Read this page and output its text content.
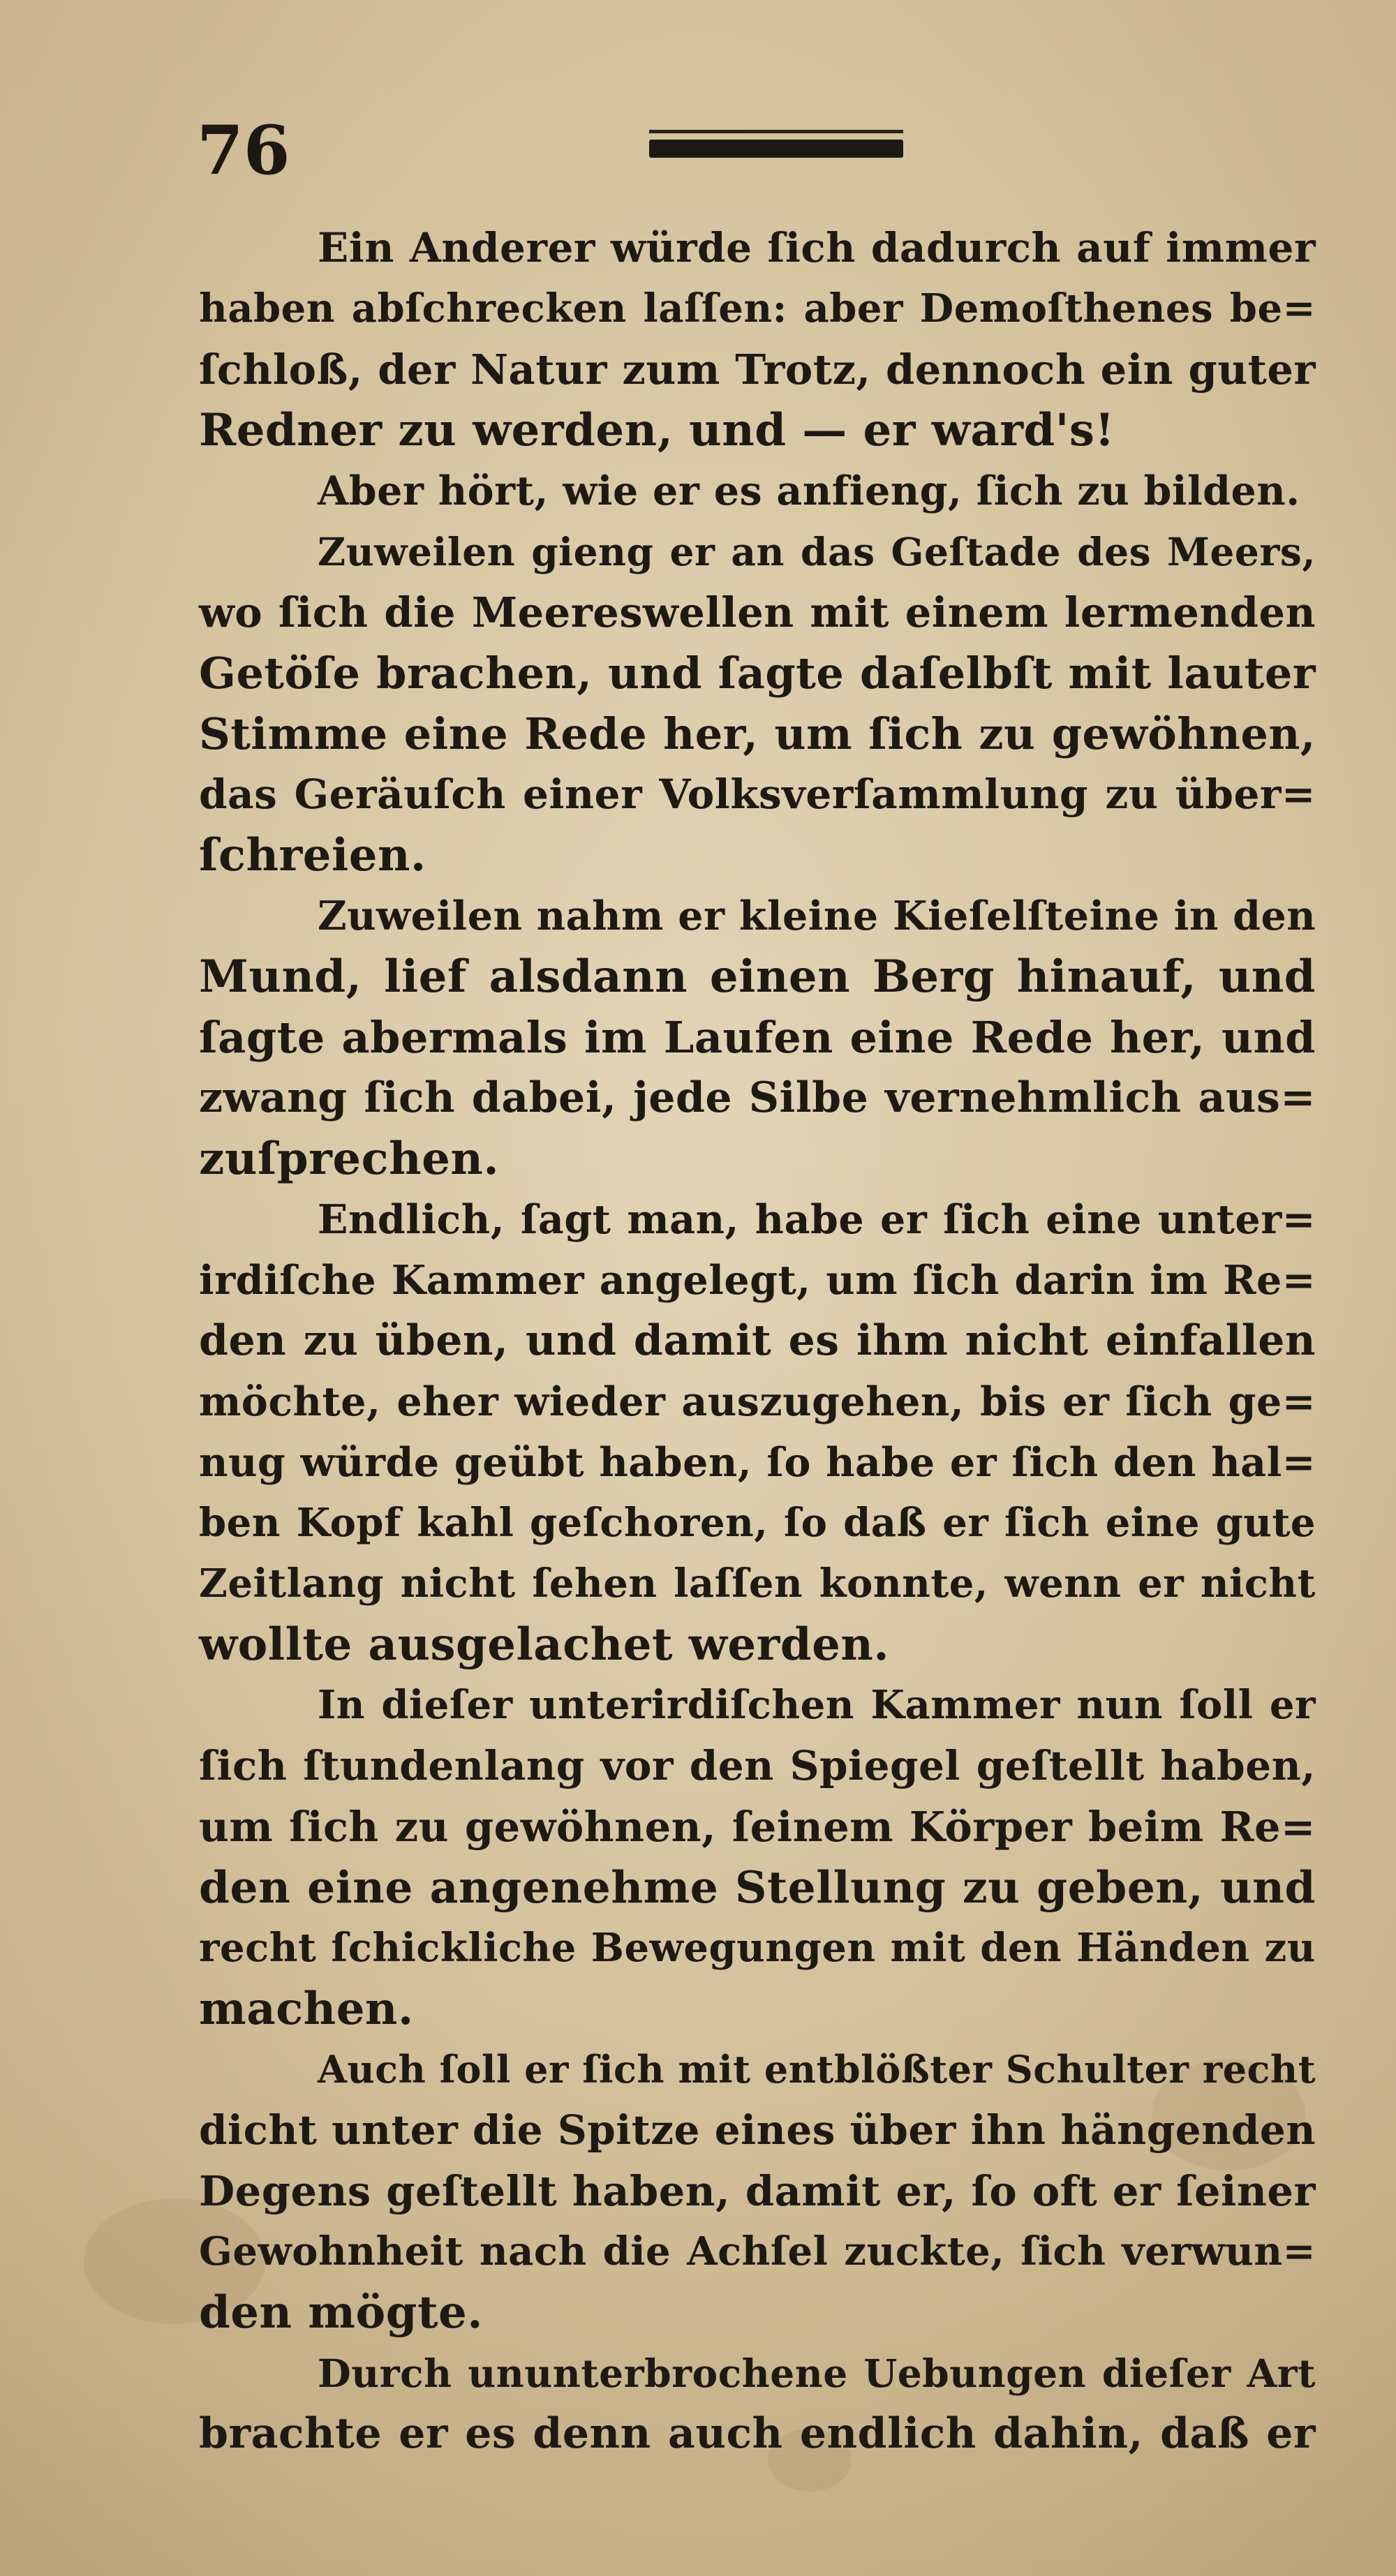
76
Ein Anderer würde ſich dadurch auf immer
haben abſchrecken laſſen: aber Demoſthenes be=
ſchloß, der Natur zum Trotz, dennoch ein guter
Redner zu werden, und — er ward's!
Aber hört, wie er es anfieng, ſich zu bilden.
Zuweilen gieng er an das Geſtade des Meers,
wo ſich die Meereswellen mit einem lermenden
Getöſe brachen, und ſagte daſelbſt mit lauter
Stimme eine Rede her, um ſich zu gewöhnen,
das Geräuſch einer Volksverſammlung zu über=
ſchreien.
Zuweilen nahm er kleine Kieſelſteine in den
Mund, lief alsdann einen Berg hinauf, und
ſagte abermals im Laufen eine Rede her, und
zwang ſich dabei, jede Silbe vernehmlich aus=
zuſprechen.
Endlich, ſagt man, habe er ſich eine unter=
irdiſche Kammer angelegt, um ſich darin im Re=
den zu üben, und damit es ihm nicht einfallen
möchte, eher wieder auszugehen, bis er ſich ge=
nug würde geübt haben, ſo habe er ſich den hal=
ben Kopf kahl geſchoren, ſo daß er ſich eine gute
Zeitlang nicht ſehen laſſen konnte, wenn er nicht
wollte ausgelachet werden.
In dieſer unterirdiſchen Kammer nun ſoll er
ſich ſtundenlang vor den Spiegel geſtellt haben,
um ſich zu gewöhnen, ſeinem Körper beim Re=
den eine angenehme Stellung zu geben, und
recht ſchickliche Bewegungen mit den Händen zu
machen.
Auch ſoll er ſich mit entblößter Schulter recht
dicht unter die Spitze eines über ihn hängenden
Degens geſtellt haben, damit er, ſo oft er ſeiner
Gewohnheit nach die Achſel zuckte, ſich verwun=
den mögte.
Durch ununterbrochene Uebungen dieſer Art
brachte er es denn auch endlich dahin, daß er
